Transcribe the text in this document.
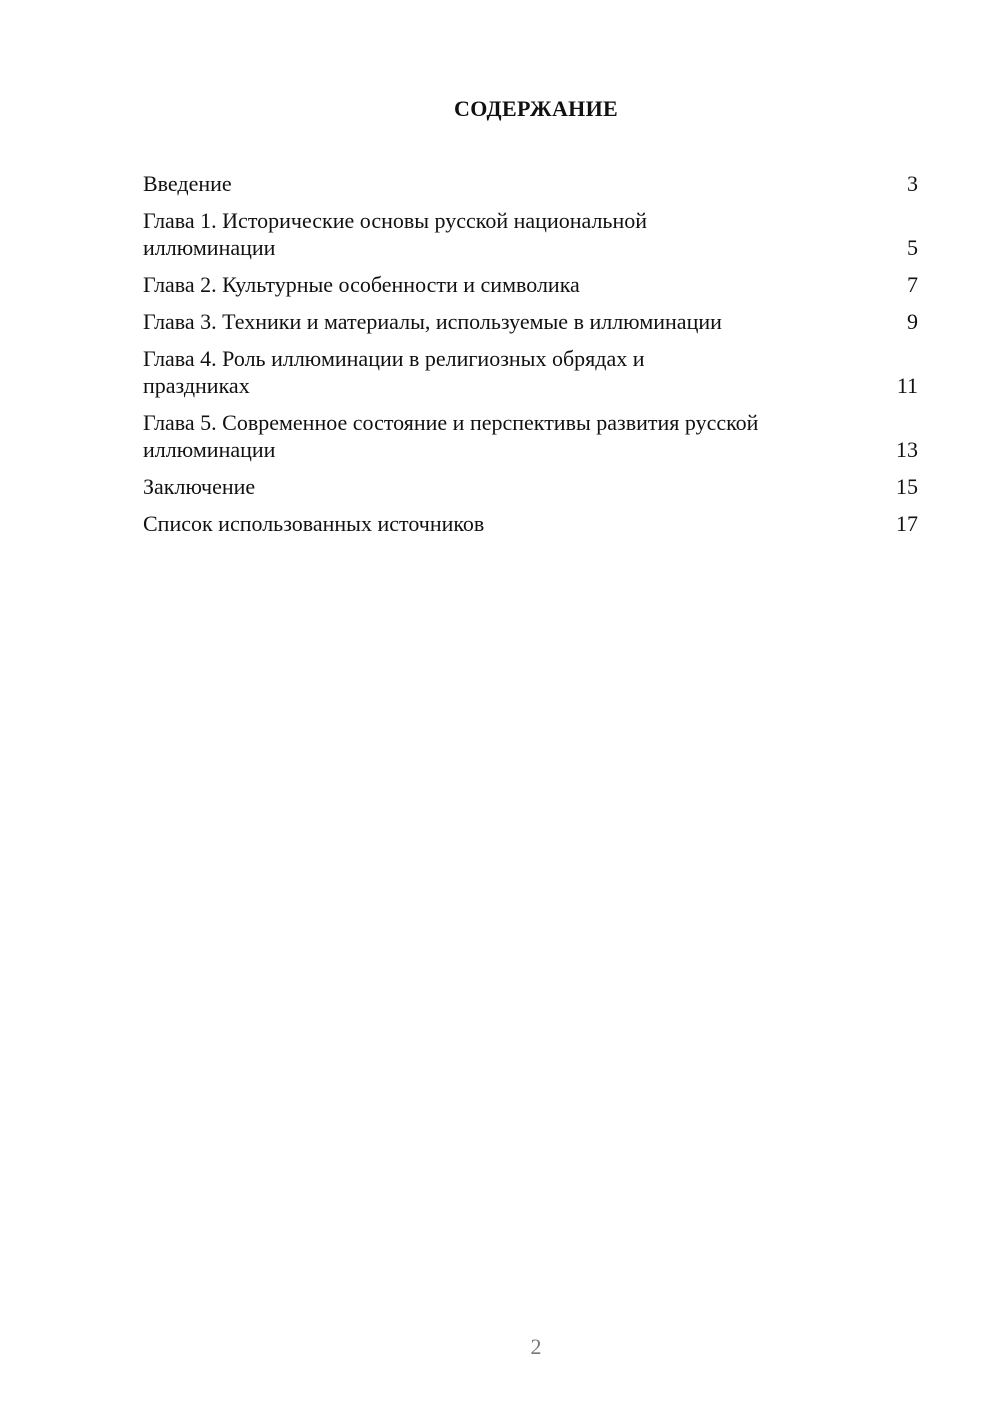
СОДЕРЖАНИЕ
Введение	3
Глава 1. Исторические основы русской национальной иллюминации	5
Глава 2. Культурные особенности и символика	7
Глава 3. Техники и материалы, используемые в иллюминации	9
Глава 4. Роль иллюминации в религиозных обрядах и праздниках	11
Глава 5. Современное состояние и перспективы развития русской иллюминации	13
Заключение	15
Список использованных источников	17
2
